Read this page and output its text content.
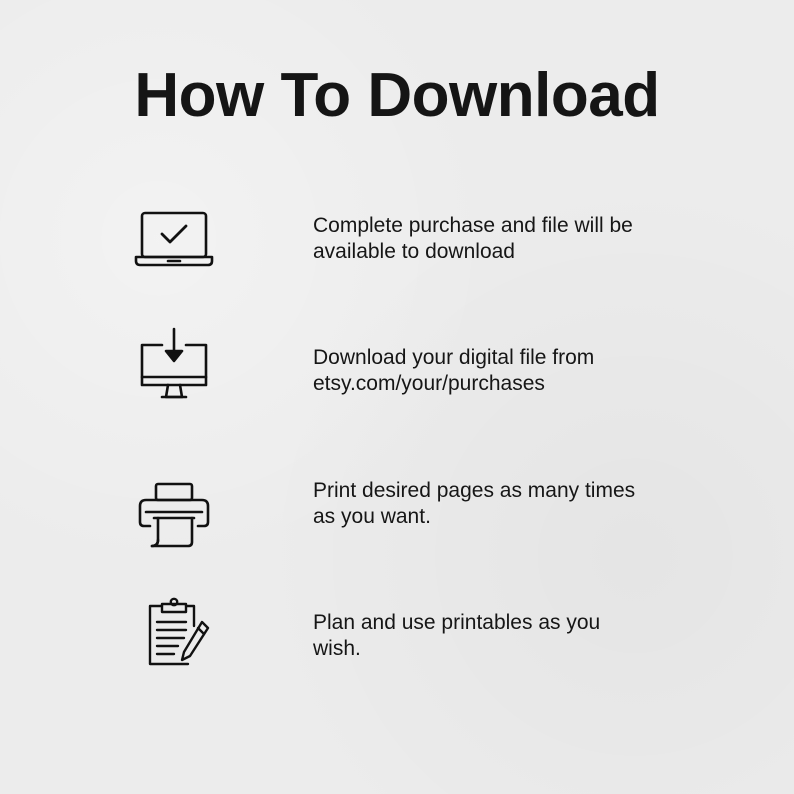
How To Download
Complete purchase and file will be
available to download
Download your digital file from
etsy.com/your/purchases
Print desired pages as many times
as you want.
Plan and use printables as you
wish.
